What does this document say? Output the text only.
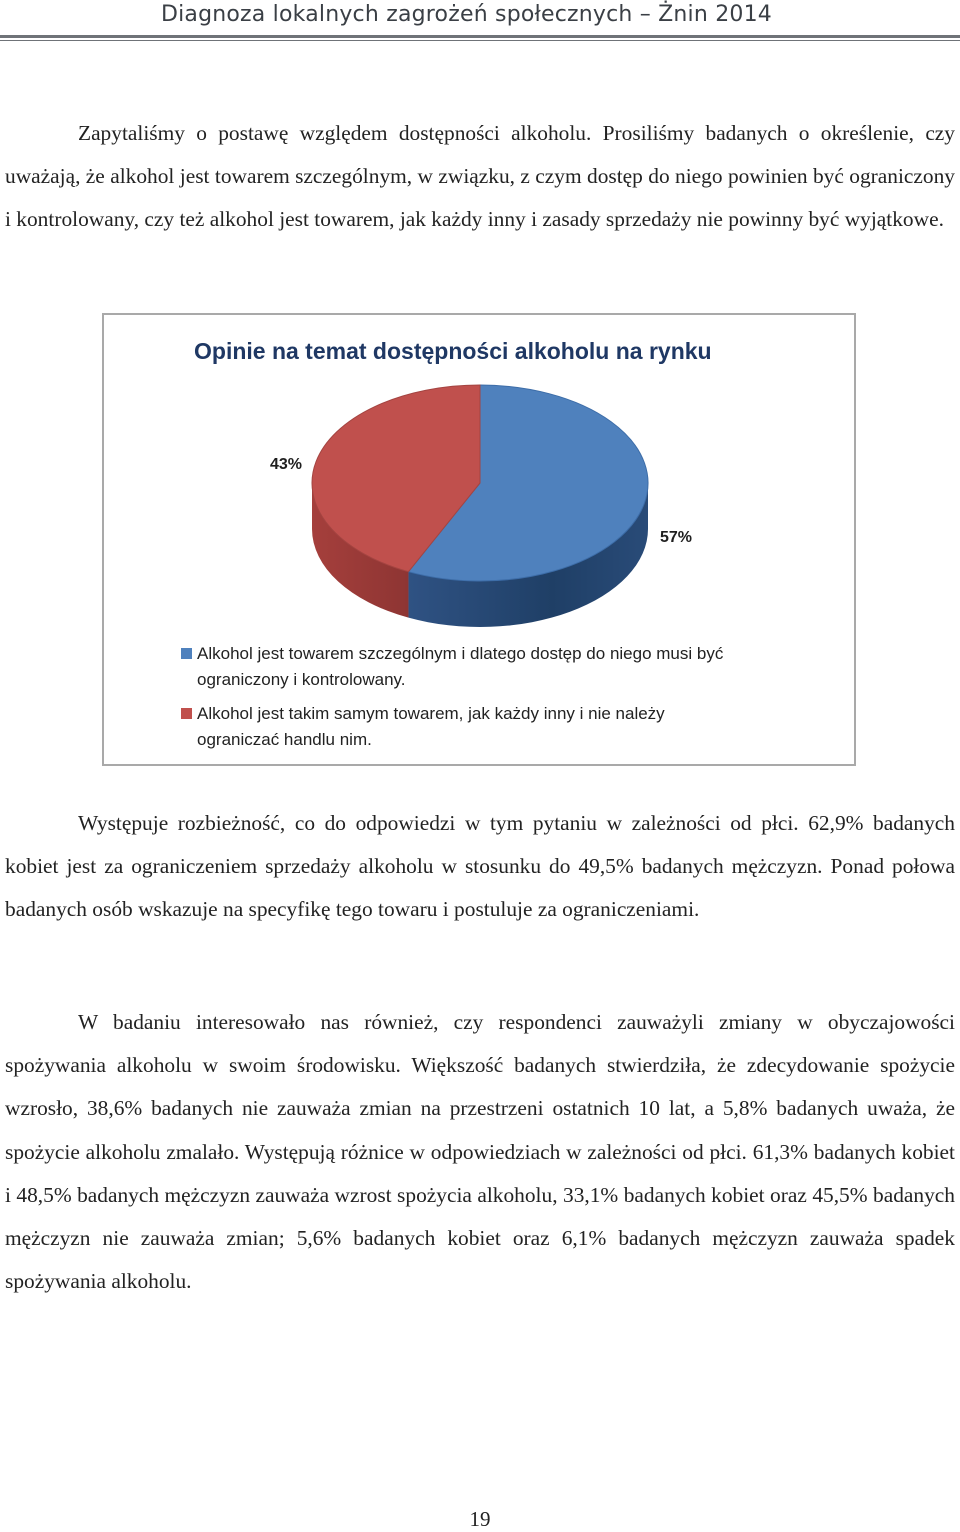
Diagnoza lokalnych zagrożeń społecznych – Żnin 2014

Zapytaliśmy o postawę względem dostępności alkoholu. Prosiliśmy badanych o określenie, czy uważają, że alkohol jest towarem szczególnym, w związku, z czym dostęp do niego powinien być ograniczony i kontrolowany, czy też alkohol jest towarem, jak każdy inny i zasady sprzedaży nie powinny być wyjątkowe.

Opinie na temat dostępności alkoholu na rynku
57%
43%
Alkohol jest towarem szczególnym i dlatego dostęp do niego musi być
ograniczony i kontrolowany.
Alkohol jest takim samym towarem, jak każdy inny i nie należy
ograniczać handlu nim.

Występuje rozbieżność, co do odpowiedzi w tym pytaniu w zależności od płci. 62,9% badanych kobiet jest za ograniczeniem sprzedaży alkoholu w stosunku do 49,5% badanych mężczyzn. Ponad połowa badanych osób wskazuje na specyfikę tego towaru i postuluje za ograniczeniami.

W badaniu interesowało nas również, czy respondenci zauważyli zmiany w obyczajowości spożywania alkoholu w swoim środowisku. Większość badanych stwierdziła, że zdecydowanie spożycie wzrosło, 38,6% badanych nie zauważa zmian na przestrzeni ostatnich 10 lat, a 5,8% badanych uważa, że spożycie alkoholu zmalało. Występują różnice w odpowiedziach w zależności od płci. 61,3% badanych kobiet i 48,5% badanych mężczyzn zauważa wzrost spożycia alkoholu, 33,1% badanych kobiet oraz 45,5% badanych mężczyzn nie zauważa zmian; 5,6% badanych kobiet oraz 6,1% badanych mężczyzn zauważa spadek spożywania alkoholu.

19
